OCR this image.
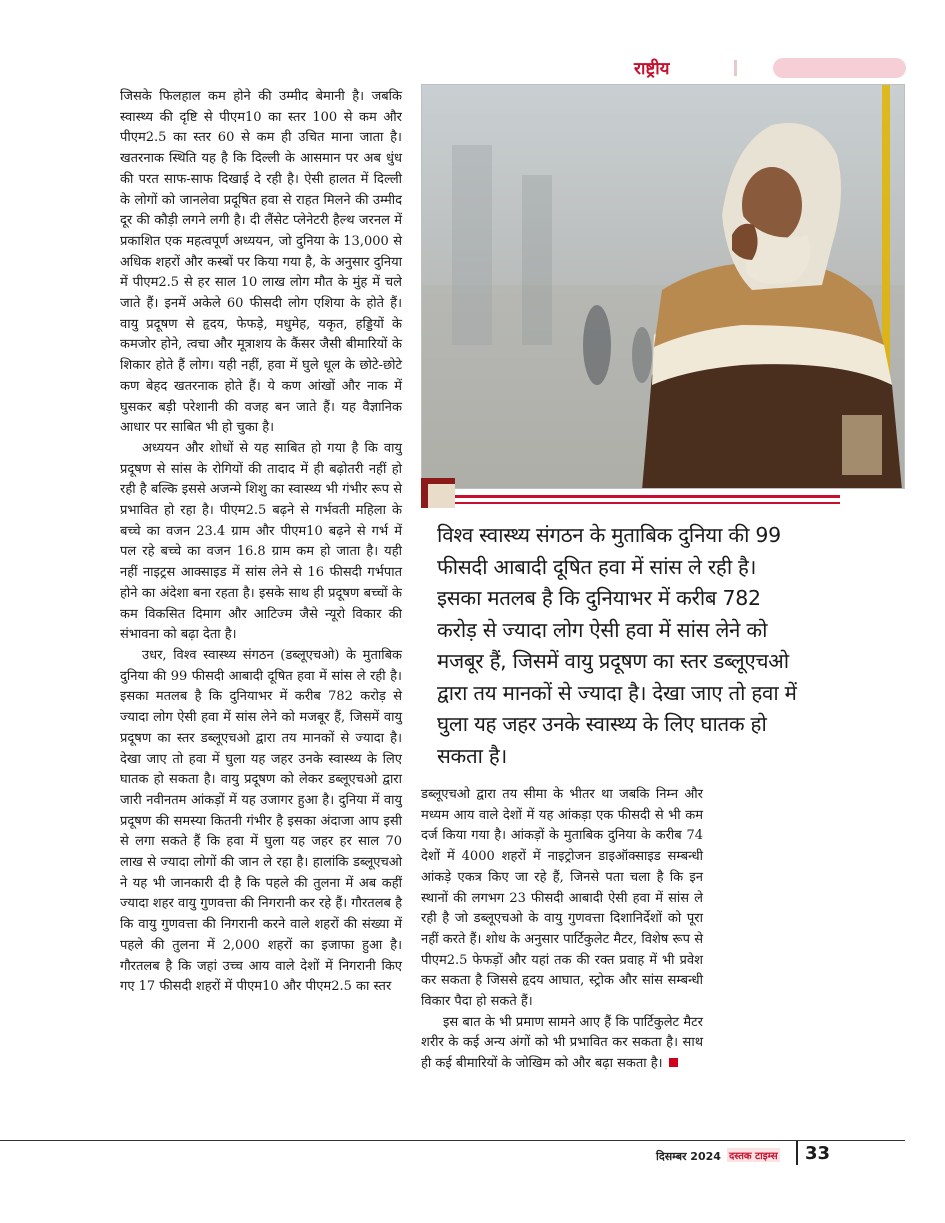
राष्ट्रीय

जिसके फिलहाल कम होने की उम्मीद बेमानी है। जबकि स्वास्थ्य की दृष्टि से पीएम10 का स्तर 100 से कम और पीएम2.5 का स्तर 60 से कम ही उचित माना जाता है। खतरनाक स्थिति यह है कि दिल्ली के आसमान पर अब धुंध की परत साफ-साफ दिखाई दे रही है। ऐसी हालत में दिल्ली के लोगों को जानलेवा प्रदूषित हवा से राहत मिलने की उम्मीद दूर की कौड़ी लगने लगी है। दी लैंसेट प्लेनेटरी हैल्थ जरनल में प्रकाशित एक महत्वपूर्ण अध्ययन, जो दुनिया के 13,000 से अधिक शहरों और कस्बों पर किया गया है, के अनुसार दुनिया में पीएम2.5 से हर साल 10 लाख लोग मौत के मुंह में चले जाते हैं। इनमें अकेले 60 फीसदी लोग एशिया के होते हैं। वायु प्रदूषण से हृदय, फेफड़े, मधुमेह, यकृत, हड्डियों के कमजोर होने, त्वचा और मूत्राशय के कैंसर जैसी बीमारियों के शिकार होते हैं लोग। यही नहीं, हवा में घुले धूल के छोटे-छोटे कण बेहद खतरनाक होते हैं। ये कण आंखों और नाक में घुसकर बड़ी परेशानी की वजह बन जाते हैं। यह वैज्ञानिक आधार पर साबित भी हो चुका है।

अध्ययन और शोधों से यह साबित हो गया है कि वायु प्रदूषण से सांस के रोगियों की तादाद में ही बढ़ोतरी नहीं हो रही है बल्कि इससे अजन्मे शिशु का स्वास्थ्य भी गंभीर रूप से प्रभावित हो रहा है। पीएम2.5 बढ़ने से गर्भवती महिला के बच्चे का वजन 23.4 ग्राम और पीएम10 बढ़ने से गर्भ में पल रहे बच्चे का वजन 16.8 ग्राम कम हो जाता है। यही नहीं नाइट्रस आक्साइड में सांस लेने से 16 फीसदी गर्भपात होने का अंदेशा बना रहता है। इसके साथ ही प्रदूषण बच्चों के कम विकसित दिमाग और आटिज्म जैसे न्यूरो विकार की संभावना को बढ़ा देता है।

उधर, विश्व स्वास्थ्य संगठन (डब्लूएचओ) के मुताबिक दुनिया की 99 फीसदी आबादी दूषित हवा में सांस ले रही है। इसका मतलब है कि दुनियाभर में करीब 782 करोड़ से ज्यादा लोग ऐसी हवा में सांस लेने को मजबूर हैं, जिसमें वायु प्रदूषण का स्तर डब्लूएचओ द्वारा तय मानकों से ज्यादा है। देखा जाए तो हवा में घुला यह जहर उनके स्वास्थ्य के लिए घातक हो सकता है। वायु प्रदूषण को लेकर डब्लूएचओ द्वारा जारी नवीनतम आंकड़ों में यह उजागर हुआ है। दुनिया में वायु प्रदूषण की समस्या कितनी गंभीर है इसका अंदाजा आप इसी से लगा सकते हैं कि हवा में घुला यह जहर हर साल 70 लाख से ज्यादा लोगों की जान ले रहा है। हालांकि डब्लूएचओ ने यह भी जानकारी दी है कि पहले की तुलना में अब कहीं ज्यादा शहर वायु गुणवत्ता की निगरानी कर रहे हैं। गौरतलब है कि वायु गुणवत्ता की निगरानी करने वाले शहरों की संख्या में पहले की तुलना में 2,000 शहरों का इजाफा हुआ है। गौरतलब है कि जहां उच्च आय वाले देशों में निगरानी किए गए 17 फीसदी शहरों में पीएम10 और पीएम2.5 का स्तर

विश्व स्वास्थ्य संगठन के मुताबिक दुनिया की 99 फीसदी आबादी दूषित हवा में सांस ले रही है। इसका मतलब है कि दुनियाभर में करीब 782 करोड़ से ज्यादा लोग ऐसी हवा में सांस लेने को मजबूर हैं, जिसमें वायु प्रदूषण का स्तर डब्लूएचओ द्वारा तय मानकों से ज्यादा है। देखा जाए तो हवा में घुला यह जहर उनके स्वास्थ्य के लिए घातक हो सकता है।

डब्लूएचओ द्वारा तय सीमा के भीतर था जबकि निम्न और मध्यम आय वाले देशों में यह आंकड़ा एक फीसदी से भी कम दर्ज किया गया है। आंकड़ों के मुताबिक दुनिया के करीब 74 देशों में 4000 शहरों में नाइट्रोजन डाइऑक्साइड सम्बन्धी आंकड़े एकत्र किए जा रहे हैं, जिनसे पता चला है कि इन स्थानों की लगभग 23 फीसदी आबादी ऐसी हवा में सांस ले रही है जो डब्लूएचओ के वायु गुणवत्ता दिशानिर्देशों को पूरा नहीं करते हैं। शोध के अनुसार पार्टिकुलेट मैटर, विशेष रूप से पीएम2.5 फेफड़ों और यहां तक की रक्त प्रवाह में भी प्रवेश कर सकता है जिससे हृदय आघात, स्ट्रोक और सांस सम्बन्धी विकार पैदा हो सकते हैं।

इस बात के भी प्रमाण सामने आए हैं कि पार्टिकुलेट मैटर शरीर के कई अन्य अंगों को भी प्रभावित कर सकता है। साथ ही कई बीमारियों के जोखिम को और बढ़ा सकता है।

दिसम्बर 2024 दस्तक टाइम्स 33
